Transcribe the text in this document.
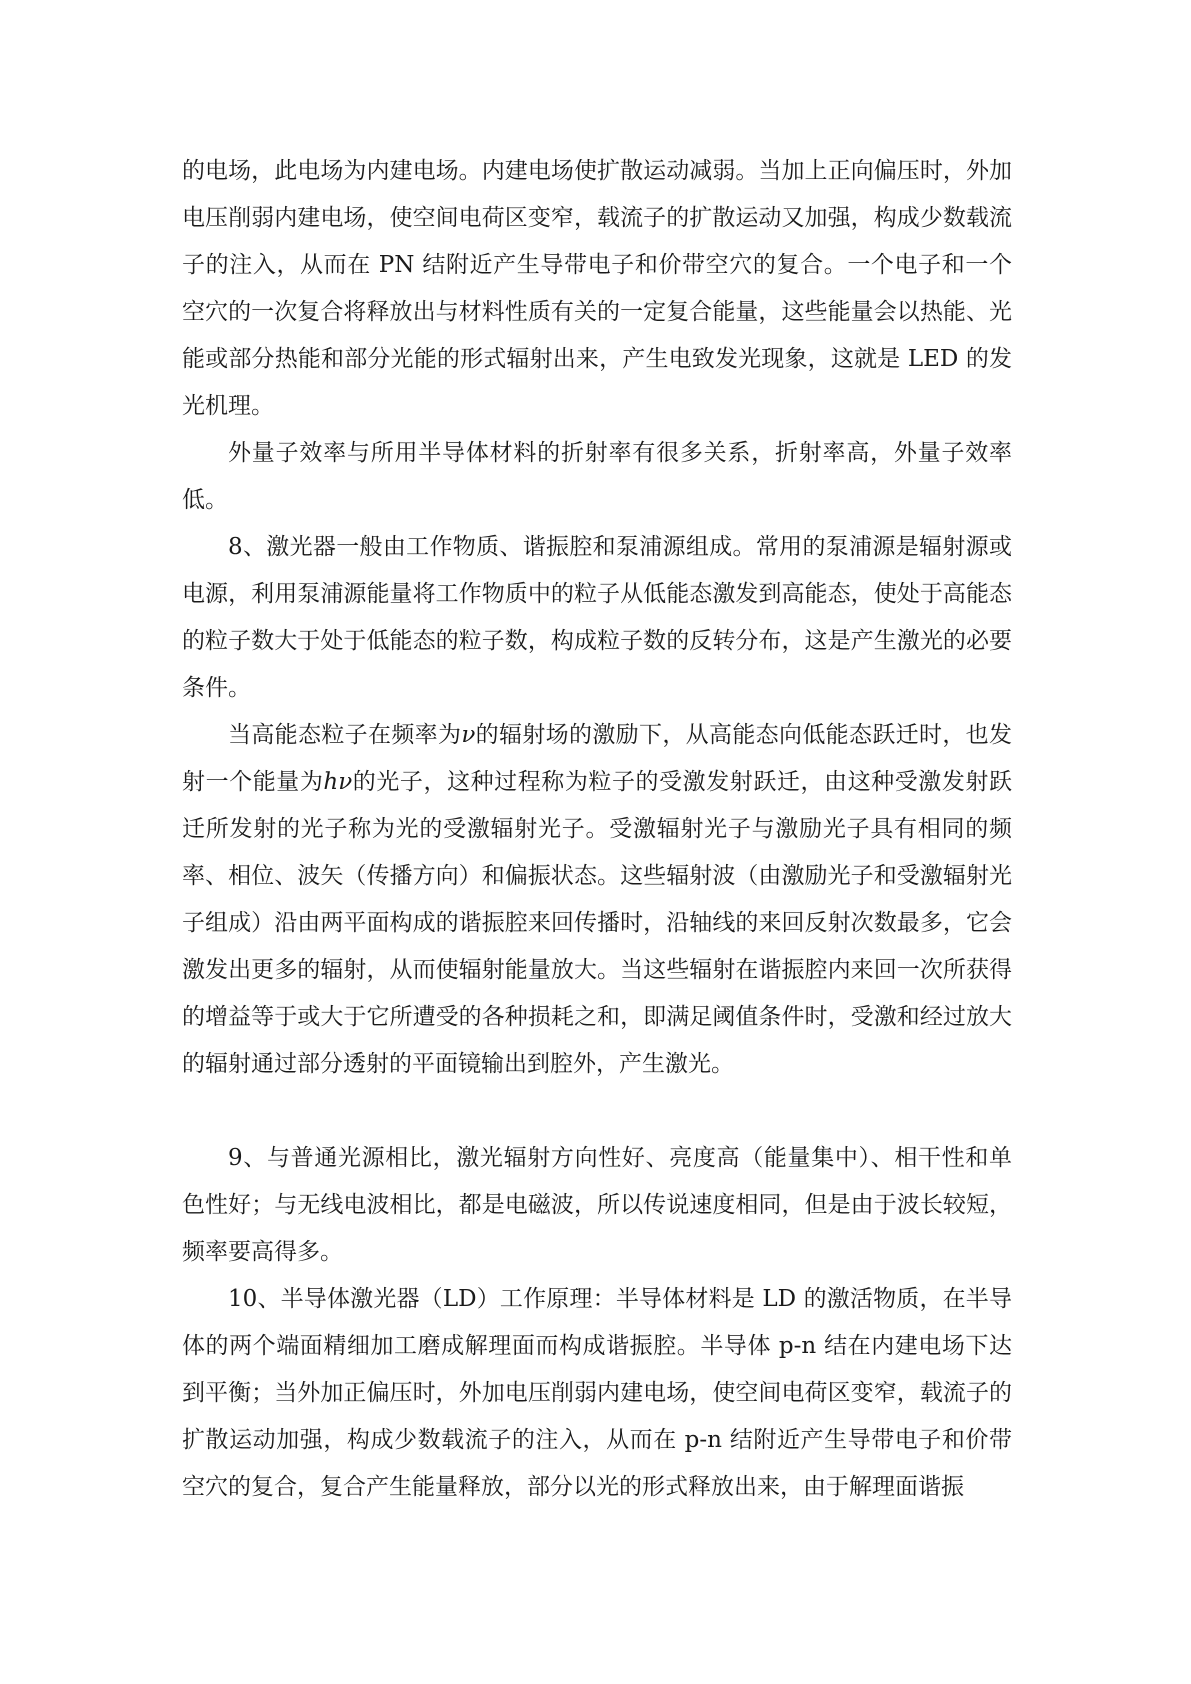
的电场，此电场为内建电场。内建电场使扩散运动减弱。当加上正向偏压时，外加电压削弱内建电场，使空间电荷区变窄，载流子的扩散运动又加强，构成少数载流子的注入，从而在 PN 结附近产生导带电子和价带空穴的复合。一个电子和一个空穴的一次复合将释放出与材料性质有关的一定复合能量，这些能量会以热能、光能或部分热能和部分光能的形式辐射出来，产生电致发光现象，这就是 LED 的发光机理。

外量子效率与所用半导体材料的折射率有很多关系，折射率高，外量子效率低。

8、激光器一般由工作物质、谐振腔和泵浦源组成。常用的泵浦源是辐射源或电源，利用泵浦源能量将工作物质中的粒子从低能态激发到高能态，使处于高能态的粒子数大于处于低能态的粒子数，构成粒子数的反转分布，这是产生激光的必要条件。

当高能态粒子在频率为ν的辐射场的激励下，从高能态向低能态跃迁时，也发射一个能量为hν的光子，这种过程称为粒子的受激发射跃迁，由这种受激发射跃迁所发射的光子称为光的受激辐射光子。受激辐射光子与激励光子具有相同的频率、相位、波矢（传播方向）和偏振状态。这些辐射波（由激励光子和受激辐射光子组成）沿由两平面构成的谐振腔来回传播时，沿轴线的来回反射次数最多，它会激发出更多的辐射，从而使辐射能量放大。当这些辐射在谐振腔内来回一次所获得的增益等于或大于它所遭受的各种损耗之和，即满足阈值条件时，受激和经过放大的辐射通过部分透射的平面镜输出到腔外，产生激光。

9、与普通光源相比，激光辐射方向性好、亮度高（能量集中）、相干性和单色性好；与无线电波相比，都是电磁波，所以传说速度相同，但是由于波长较短，频率要高得多。

10、半导体激光器（LD）工作原理：半导体材料是 LD 的激活物质，在半导体的两个端面精细加工磨成解理面而构成谐振腔。半导体 p-n 结在内建电场下达到平衡；当外加正偏压时，外加电压削弱内建电场，使空间电荷区变窄，载流子的扩散运动加强，构成少数载流子的注入，从而在 p-n 结附近产生导带电子和价带空穴的复合，复合产生能量释放，部分以光的形式释放出来，由于解理面谐振
